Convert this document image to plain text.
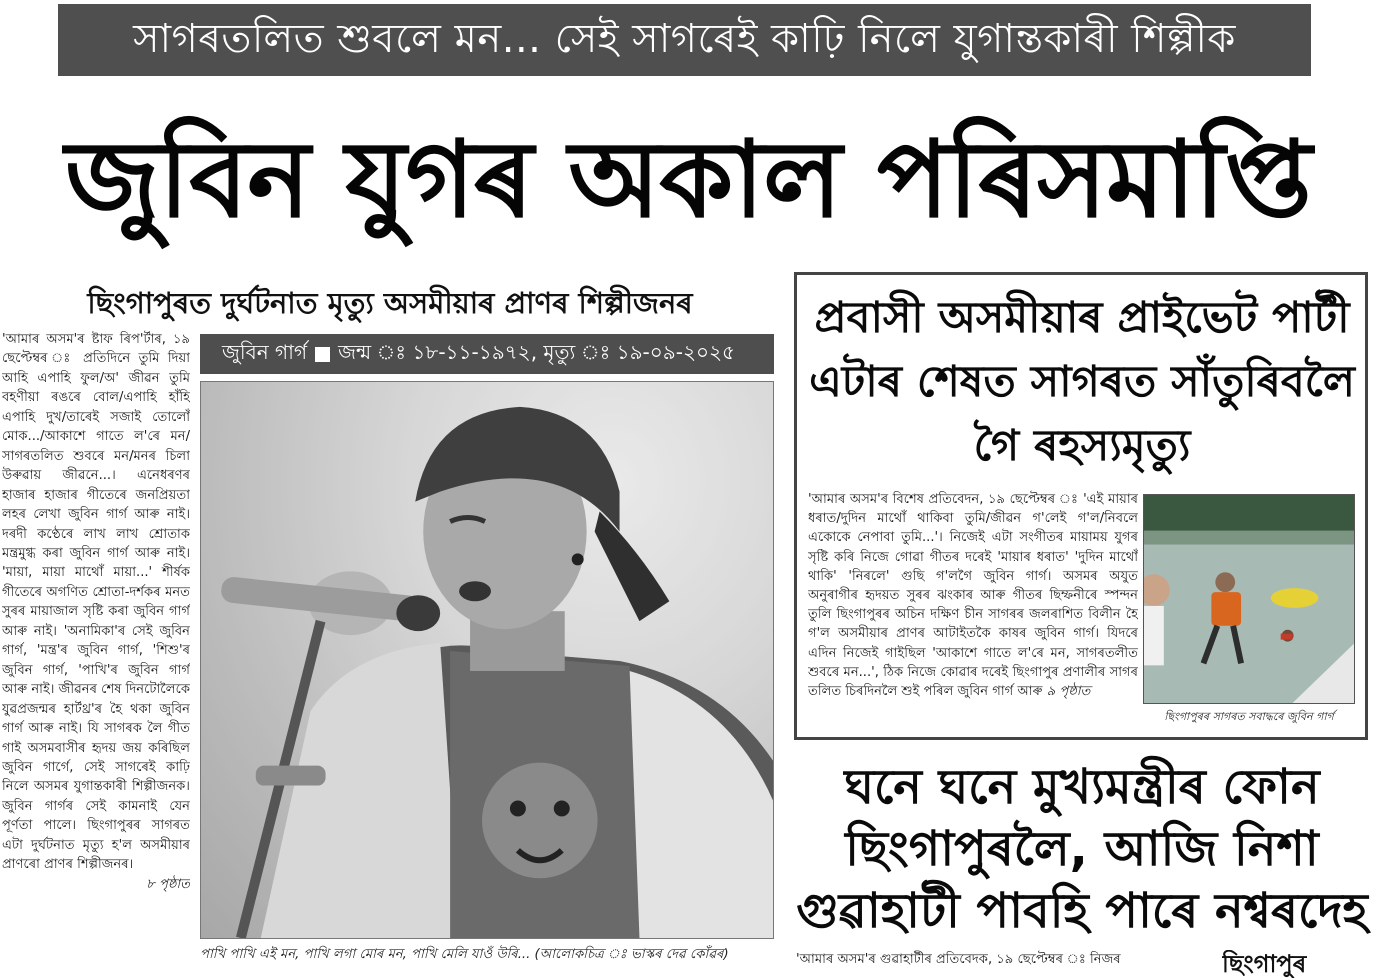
সাগৰতলিত শুবলে মন... সেই সাগৰেই কাঢ়ি নিলে যুগান্তকাৰী শিল্পীক
জুবিন যুগৰ অকাল পৰিসমাপ্তি
ছিংগাপুৰত দুৰ্ঘটনাত মৃত্যু অসমীয়াৰ প্ৰাণৰ শিল্পীজনৰ

'আমাৰ অসম'ৰ ষ্টাফ ৰিপ'ৰ্টাৰ, ১৯ ছেপ্টেম্বৰ ঃ প্ৰতিদিনে তুমি দিয়া আহি এপাহি ফুল/অ' জীৱন তুমি বহণীয়া ৰঙৰে বোল/এপাহি হাঁহি এপাহি দুখ/তাৰেই সজাই তোলোঁ মোক.../আকাশে গাতে ল'ৰে মন/সাগৰতলিত শুবৰে মন/মনৰ চিলা উৰুৱায় জীৱনে...। এনেধৰণৰ হাজাৰ হাজাৰ গীতেৰে জনপ্ৰিয়তা লহৰ লেখা জুবিন গাৰ্গ আৰু নাই। দৰদী কণ্ঠেৰে লাখ লাখ শ্ৰোতাক মন্ত্ৰমুগ্ধ কৰা জুবিন গাৰ্গ আৰু নাই। 'মায়া, মায়া মাথোঁ মায়া...' শীৰ্ষক গীতেৰে অগণিত শ্ৰোতা-দৰ্শকৰ মনত সুৰৰ মায়াজাল সৃষ্টি কৰা জুবিন গাৰ্গ আৰু নাই। 'অনামিকা'ৰ সেই জুবিন গাৰ্গ, 'মন্ত্ৰ'ৰ জুবিন গাৰ্গ, 'শিশু'ৰ জুবিন গাৰ্গ, 'পাখি'ৰ জুবিন গাৰ্গ আৰু নাই। জীৱনৰ শেষ দিনটোলৈকে যুৱপ্ৰজন্মৰ হাৰ্টথ্ৰ'ৰ হৈ থকা জুবিন গাৰ্গ আৰু নাই। যি সাগৰক লৈ গীত গাই অসমবাসীৰ হৃদয় জয় কৰিছিল জুবিন গাৰ্গে, সেই সাগৰেই কাঢ়ি নিলে অসমৰ যুগান্তকাৰী শিল্পীজনক। জুবিন গাৰ্গৰ সেই কামনাই যেন পূৰ্ণতা পালে। ছিংগাপুৰৰ সাগৰত এটা দুৰ্ঘটনাত মৃত্যু হ'ল অসমীয়াৰ প্ৰাণৰো প্ৰাণৰ শিল্পীজনৰ।

৮ পৃষ্ঠাত
জুবিন গাৰ্গ জন্ম ঃ ১৮-১১-১৯৭২, মৃত্যু ঃ ১৯-০৯-২০২৫
পাখি পাখি এই মন, পাখি লগা মোৰ মন, পাখি মেলি যাওঁ উৰি... (আলোকচিত্ৰ ঃ ভাস্কৰ দেৱ কোঁৱৰ)
প্ৰবাসী অসমীয়াৰ প্ৰাইভেট পাৰ্টী এটাৰ শেষত সাগৰত সাঁতুৰিবলৈ গৈ ৰহস্যমৃত্যু
'আমাৰ অসম'ৰ বিশেষ প্ৰতিবেদন, ১৯ ছেপ্টেম্বৰ ঃ 'এই মায়াৰ ধৰাত/দুদিন মাথোঁ থাকিবা তুমি/জীৱন গ'লেই গ'ল/নিবলে একোকে নেপাবা তুমি...'। নিজেই এটা সংগীতৰ মায়াময় যুগৰ সৃষ্টি কৰি নিজে গোৱা গীতৰ দৰেই 'মায়াৰ ধৰাত' 'দুদিন মাথোঁ থাকি' 'নিৰলে' গুছি গ'লগৈ জুবিন গাৰ্গ। অসমৰ অযুত অনুৰাগীৰ হৃদয়ত সুৰৰ ঝংকাৰ আৰু গীতৰ ছিম্ফনীৰে স্পন্দন তুলি ছিংগাপুৰৰ অচিন দক্ষিণ চীন সাগৰৰ জলৰাশিত বিলীন হৈ গ'ল অসমীয়াৰ প্ৰাণৰ আটাইতকৈ কাষৰ জুবিন গাৰ্গ। যিদৰে এদিন নিজেই গাইছিল 'আকাশে গাতে ল'ৰে মন, সাগৰতলীত শুবৰে মন...', ঠিক নিজে কোৱাৰ দৰেই ছিংগাপুৰ প্ৰণালীৰ সাগৰ তলিত চিৰদিনলৈ শুই পৰিল জুবিন গাৰ্গ আৰু ৯ পৃষ্ঠাত
ছিংগাপুৰৰ সাগৰত সবাদ্ধৰে জুবিন গাৰ্গ
ঘনে ঘনে মুখ্যমন্ত্ৰীৰ ফোন ছিংগাপুৰলৈ, আজি নিশা গুৱাহাটী পাবহি পাৰে নশ্বৰদেহ
'আমাৰ অসম'ৰ গুৱাহাটীৰ প্ৰতিবেদক, ১৯ ছেপ্টেম্বৰ ঃ নিজৰ	ছিংগাপুৰ
